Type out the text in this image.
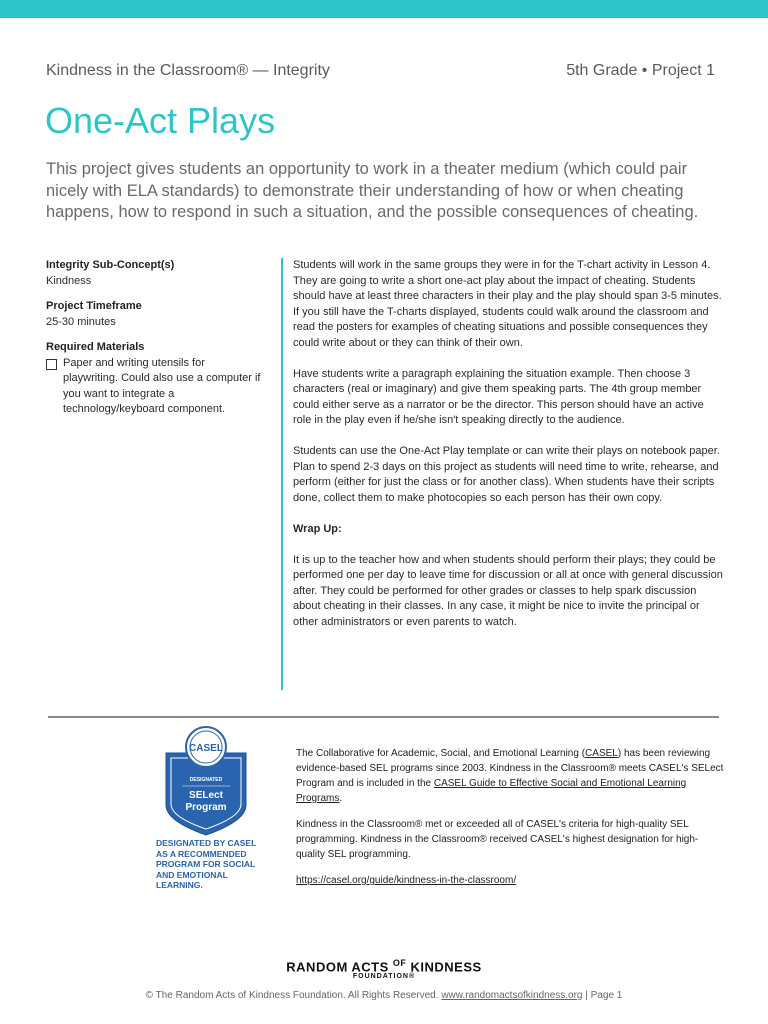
Kindness in the Classroom® — Integrity	5th Grade • Project 1
One-Act Plays
This project gives students an opportunity to work in a theater medium (which could pair nicely with ELA standards) to demonstrate their understanding of how or when cheating happens, how to respond in such a situation, and the possible consequences of cheating.
Integrity Sub-Concept(s)
Kindness
Project Timeframe
25-30 minutes
Required Materials
Paper and writing utensils for playwriting. Could also use a computer if you want to integrate a technology/keyboard component.

Students will work in the same groups they were in for the T-chart activity in Lesson 4. They are going to write a short one-act play about the impact of cheating. Students should have at least three characters in their play and the play should span 3-5 minutes. If you still have the T-charts displayed, students could walk around the classroom and read the posters for examples of cheating situations and possible consequences they could write about or they can think of their own.

Have students write a paragraph explaining the situation example. Then choose 3 characters (real or imaginary) and give them speaking parts. The 4th group member could either serve as a narrator or be the director. This person should have an active role in the play even if he/she isn't speaking directly to the audience.

Students can use the One-Act Play template or can write their plays on notebook paper. Plan to spend 2-3 days on this project as students will need time to write, rehearse, and perform (either for just the class or for another class). When students have their scripts done, collect them to make photocopies so each person has their own copy.

Wrap Up:

It is up to the teacher how and when students should perform their plays; they could be performed one per day to leave time for discussion or all at once with general discussion after. They could be performed for other grades or classes to help spark discussion about cheating in their classes. In any case, it might be nice to invite the principal or other administrators or even parents to watch.

CASEL
DESIGNATED
SELect
Program
DESIGNATED BY CASEL AS A RECOMMENDED PROGRAM FOR SOCIAL AND EMOTIONAL LEARNING.

The Collaborative for Academic, Social, and Emotional Learning (CASEL) has been reviewing evidence-based SEL programs since 2003. Kindness in the Classroom® meets CASEL's SELect Program and is included in the CASEL Guide to Effective Social and Emotional Learning Programs.

Kindness in the Classroom® met or exceeded all of CASEL's criteria for high-quality SEL programming. Kindness in the Classroom® received CASEL's highest designation for high-quality SEL programming.

https://casel.org/guide/kindness-in-the-classroom/

RANDOM ACTS $^{OF}$ KINDNESS
FOUNDATION®
© The Random Acts of Kindness Foundation. All Rights Reserved. www.randomactsofkindness.org | Page 1
